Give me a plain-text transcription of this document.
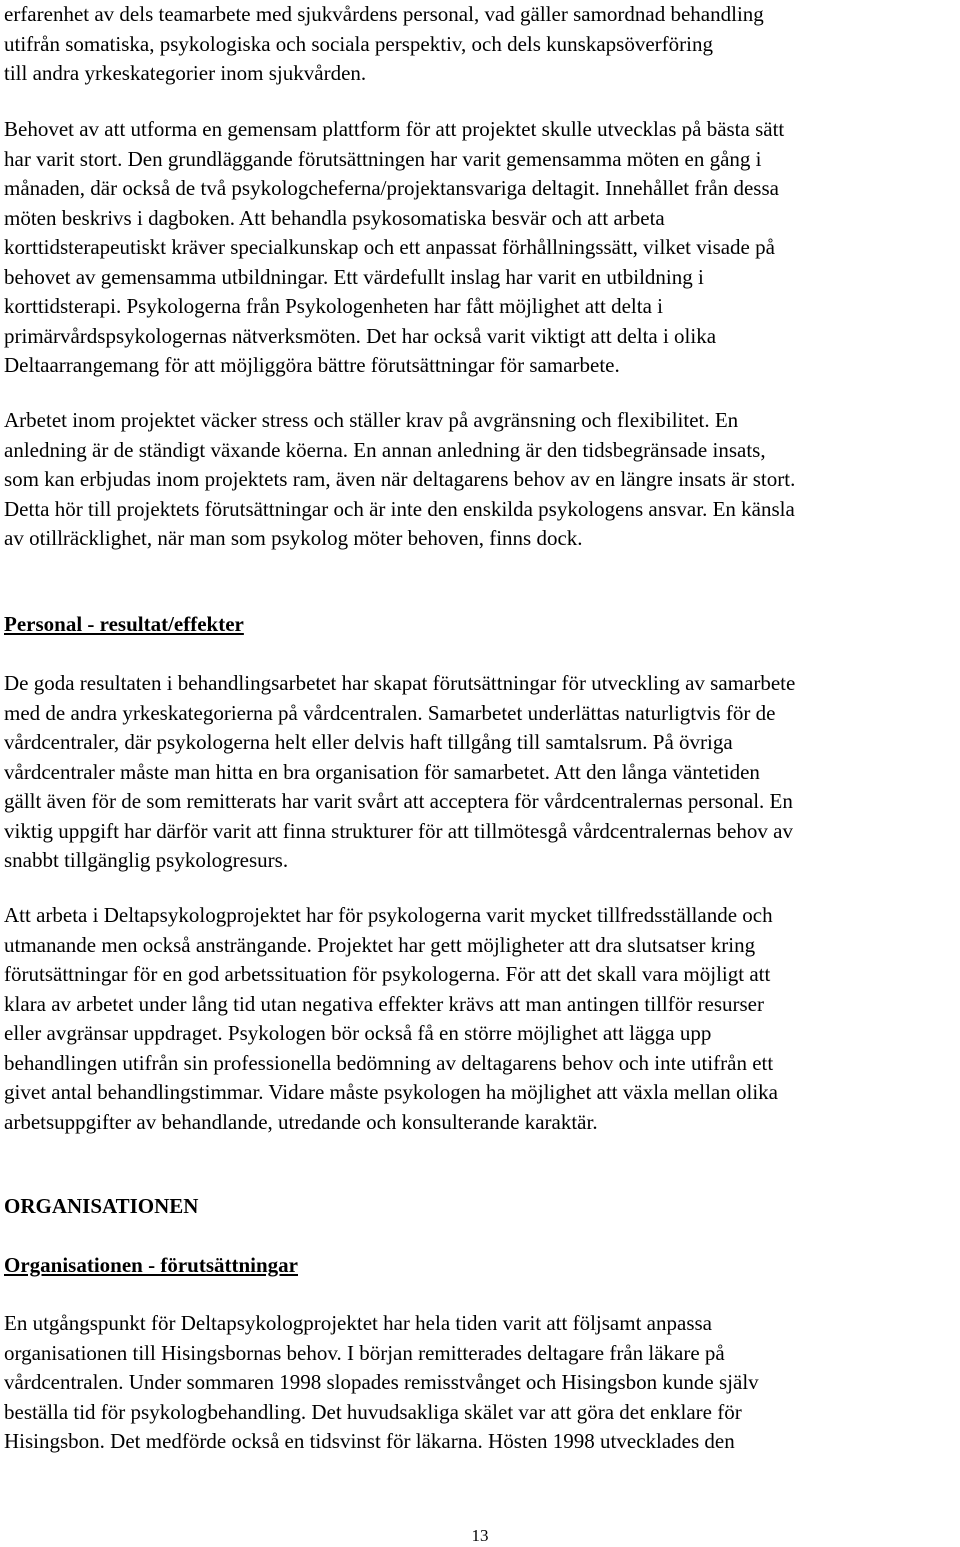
erfarenhet av dels teamarbete med sjukvårdens personal, vad gäller samordnad behandling
utifrån somatiska, psykologiska och sociala perspektiv, och dels kunskapsöverföring
till andra yrkeskategorier inom sjukvården.
Behovet av att utforma en gemensam plattform för att projektet skulle utvecklas på bästa sätt
har varit stort. Den grundläggande förutsättningen har varit gemensamma möten en gång i
månaden, där också de två psykologcheferna/projektansvariga deltagit. Innehållet från dessa
möten beskrivs i dagboken. Att behandla psykosomatiska besvär och att arbeta
korttidsterapeutiskt kräver specialkunskap och ett anpassat förhållningssätt, vilket visade på
behovet av gemensamma utbildningar. Ett värdefullt inslag har varit en utbildning i
korttidsterapi. Psykologerna från Psykologenheten har fått möjlighet att delta i
primärvårdspsykologernas nätverksmöten. Det har också varit viktigt att delta i olika
Deltaarrangemang för att möjliggöra bättre förutsättningar för samarbete.
Arbetet inom projektet väcker stress och ställer krav på avgränsning och flexibilitet. En
anledning är de ständigt växande köerna. En annan anledning är den tidsbegränsade insats,
som kan erbjudas inom projektets ram, även när deltagarens behov av en längre insats är stort.
Detta hör till projektets förutsättningar och är inte den enskilda psykologens ansvar. En känsla
av otillräcklighet, när man som psykolog möter behoven, finns dock.
Personal - resultat/effekter
De goda resultaten i behandlingsarbetet har skapat förutsättningar för utveckling av samarbete
med de andra yrkeskategorierna på vårdcentralen. Samarbetet underlättas naturligtvis för de
vårdcentraler, där psykologerna helt eller delvis haft tillgång till samtalsrum. På övriga
vårdcentraler måste man hitta en bra organisation för samarbetet. Att den långa väntetiden
gällt även för de som remitterats har varit svårt att acceptera för vårdcentralernas personal. En
viktig uppgift har därför varit att finna strukturer för att tillmötesgå vårdcentralernas behov av
snabbt tillgänglig psykologresurs.
Att arbeta i Deltapsykologprojektet har för psykologerna varit mycket tillfredsställande och
utmanande men också ansträngande. Projektet har gett möjligheter att dra slutsatser kring
förutsättningar för en god arbetssituation för psykologerna. För att det skall vara möjligt att
klara av arbetet under lång tid utan negativa effekter krävs att man antingen tillför resurser
eller avgränsar uppdraget. Psykologen bör också få en större möjlighet att lägga upp
behandlingen utifrån sin professionella bedömning av deltagarens behov och inte utifrån ett
givet antal behandlingstimmar. Vidare måste psykologen ha möjlighet att växla mellan olika
arbetsuppgifter av behandlande, utredande och konsulterande karaktär.
ORGANISATIONEN
Organisationen - förutsättningar
En utgångspunkt för Deltapsykologprojektet har hela tiden varit att följsamt anpassa
organisationen till Hisingsbornas behov. I början remitterades deltagare från läkare på
vårdcentralen. Under sommaren 1998 slopades remisstvånget och Hisingsbon kunde själv
beställa tid för psykologbehandling. Det huvudsakliga skälet var att göra det enklare för
Hisingsbon. Det medförde också en tidsvinst för läkarna. Hösten 1998 utvecklades den
13
